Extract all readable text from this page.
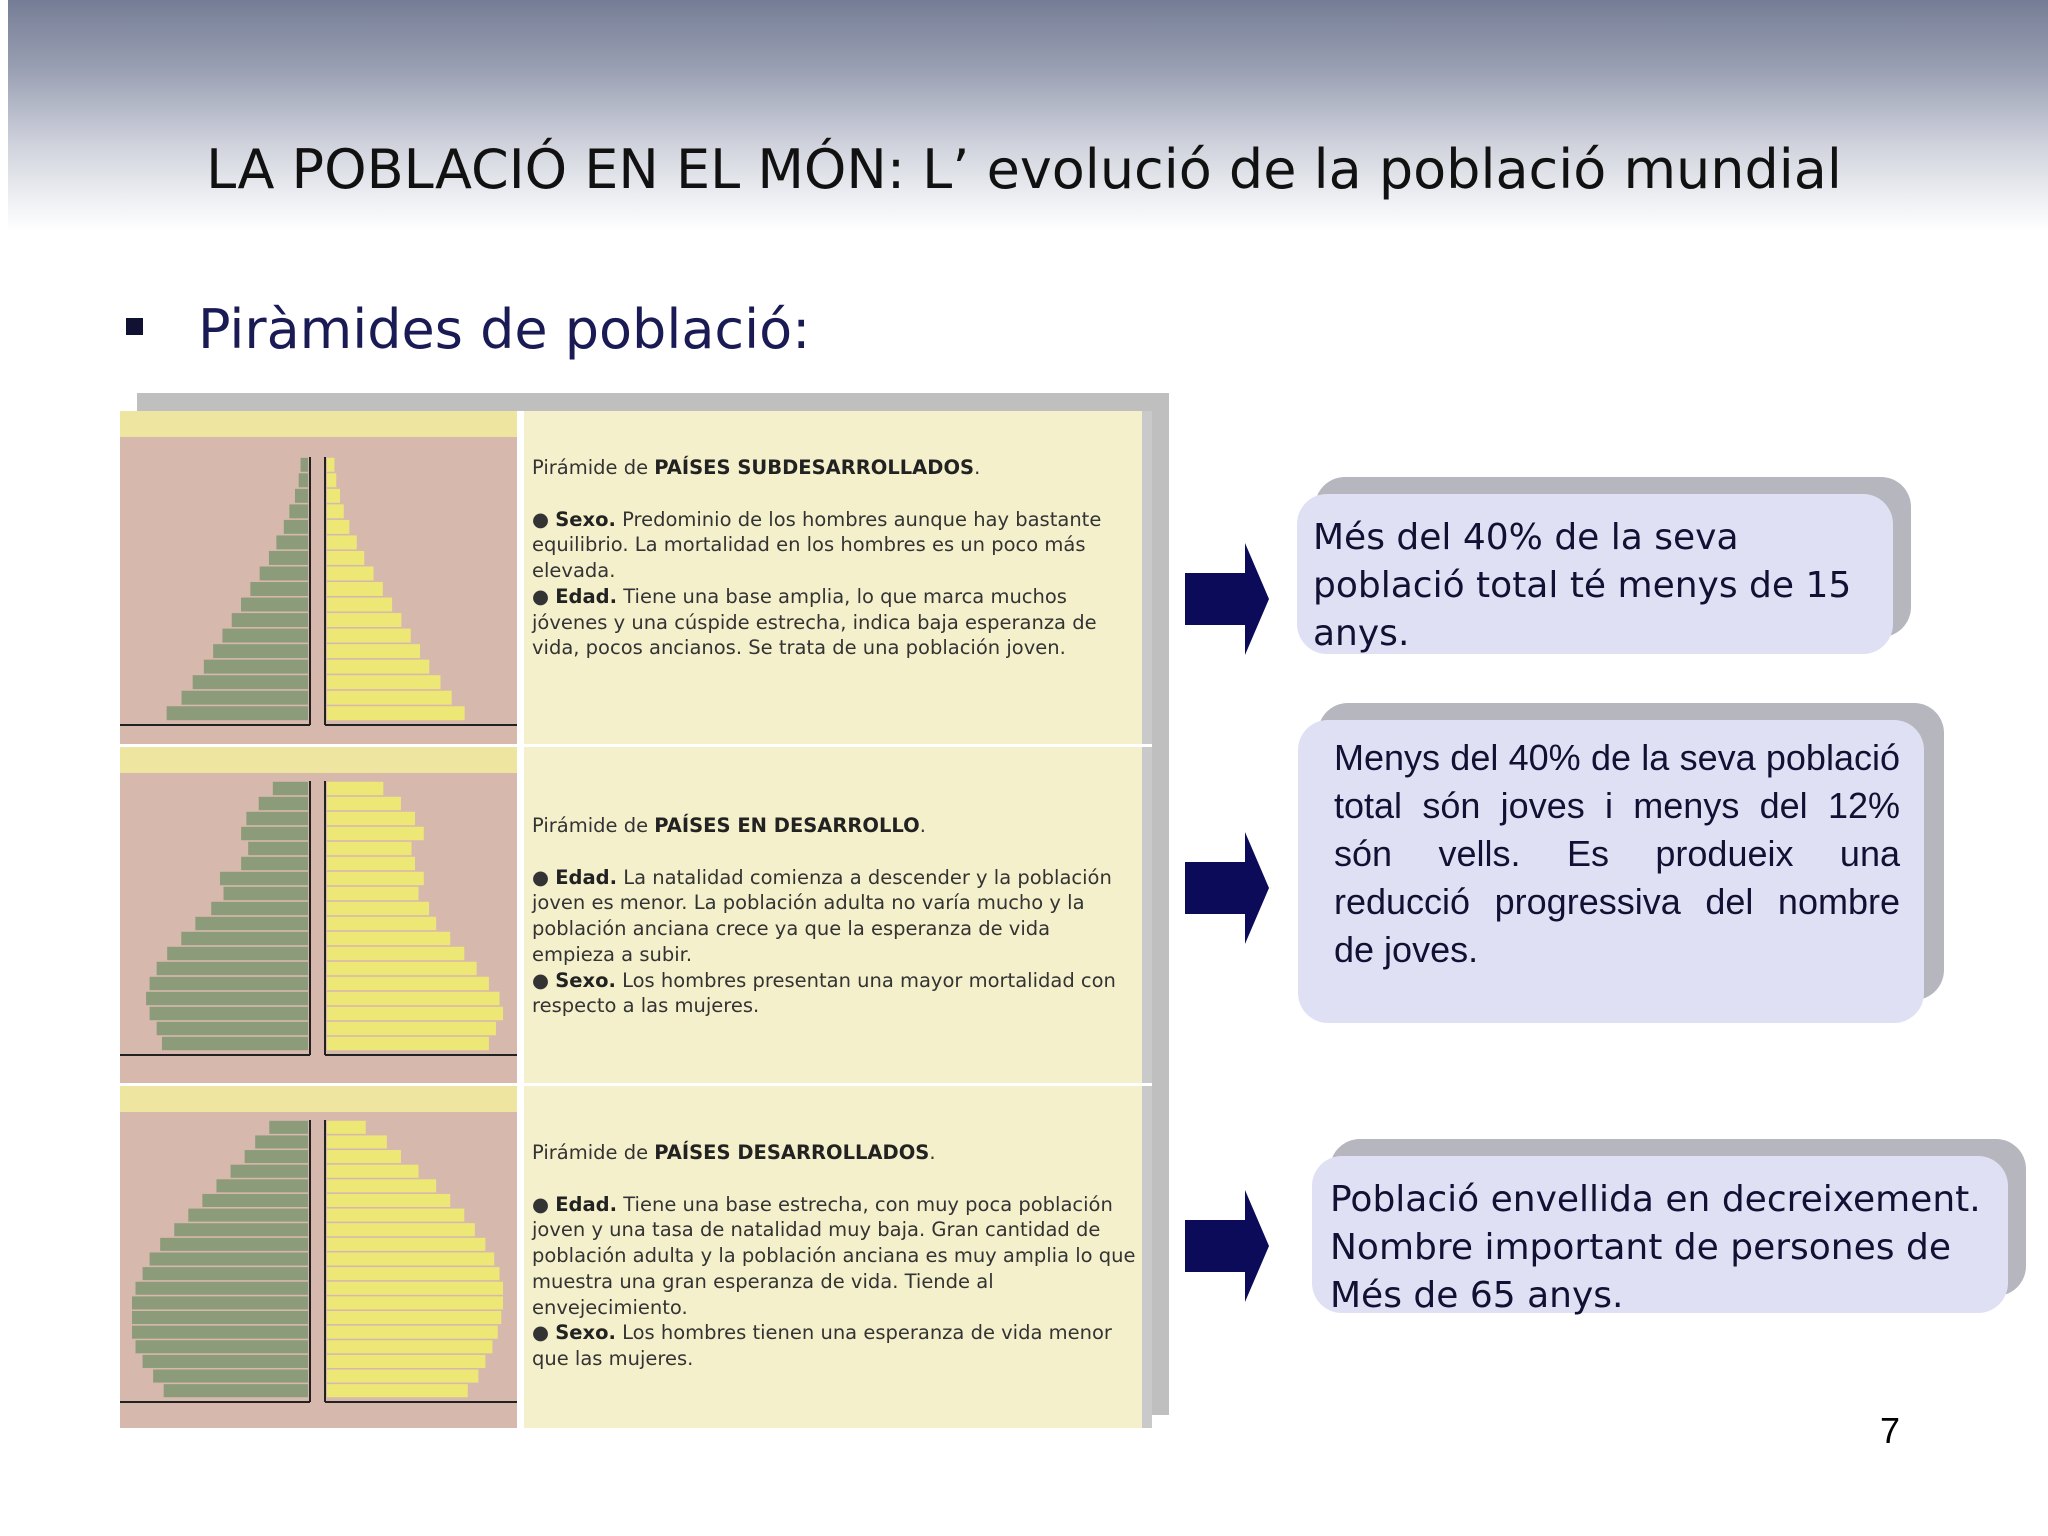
LA POBLACIÓ EN EL MÓN: L’ evolució de la població mundial
Piràmides de població:

Pirámide de PAÍSES SUBDESARROLLADOS.

● Sexo. Predominio de los hombres aunque hay bastante equilibrio. La mortalidad en los hombres es un poco más elevada.

● Edad. Tiene una base amplia, lo que marca muchos jóvenes y una cúspide estrecha, indica baja esperanza de vida, pocos ancianos. Se trata de una población joven.

Pirámide de PAÍSES EN DESARROLLO.

● Edad. La natalidad comienza a descender y la población joven es menor. La población adulta no varía mucho y la población anciana crece ya que la esperanza de vida empieza a subir.

● Sexo. Los hombres presentan una mayor mortalidad con respecto a las mujeres.

Pirámide de PAÍSES DESARROLLADOS.

● Edad. Tiene una base estrecha, con muy poca población joven y una tasa de natalidad muy baja. Gran cantidad de población adulta y la población anciana es muy amplia lo que muestra una gran esperanza de vida. Tiende al envejecimiento.

● Sexo. Los hombres tienen una esperanza de vida menor que las mujeres.

Més del 40% de la seva població total té menys de 15 anys.
Menys del 40% de la seva població total són joves i menys del 12% són vells. Es produeix una reducció progressiva del nombre de joves.
Població envellida en decreixement. Nombre important de persones de Més de 65 anys.
7
